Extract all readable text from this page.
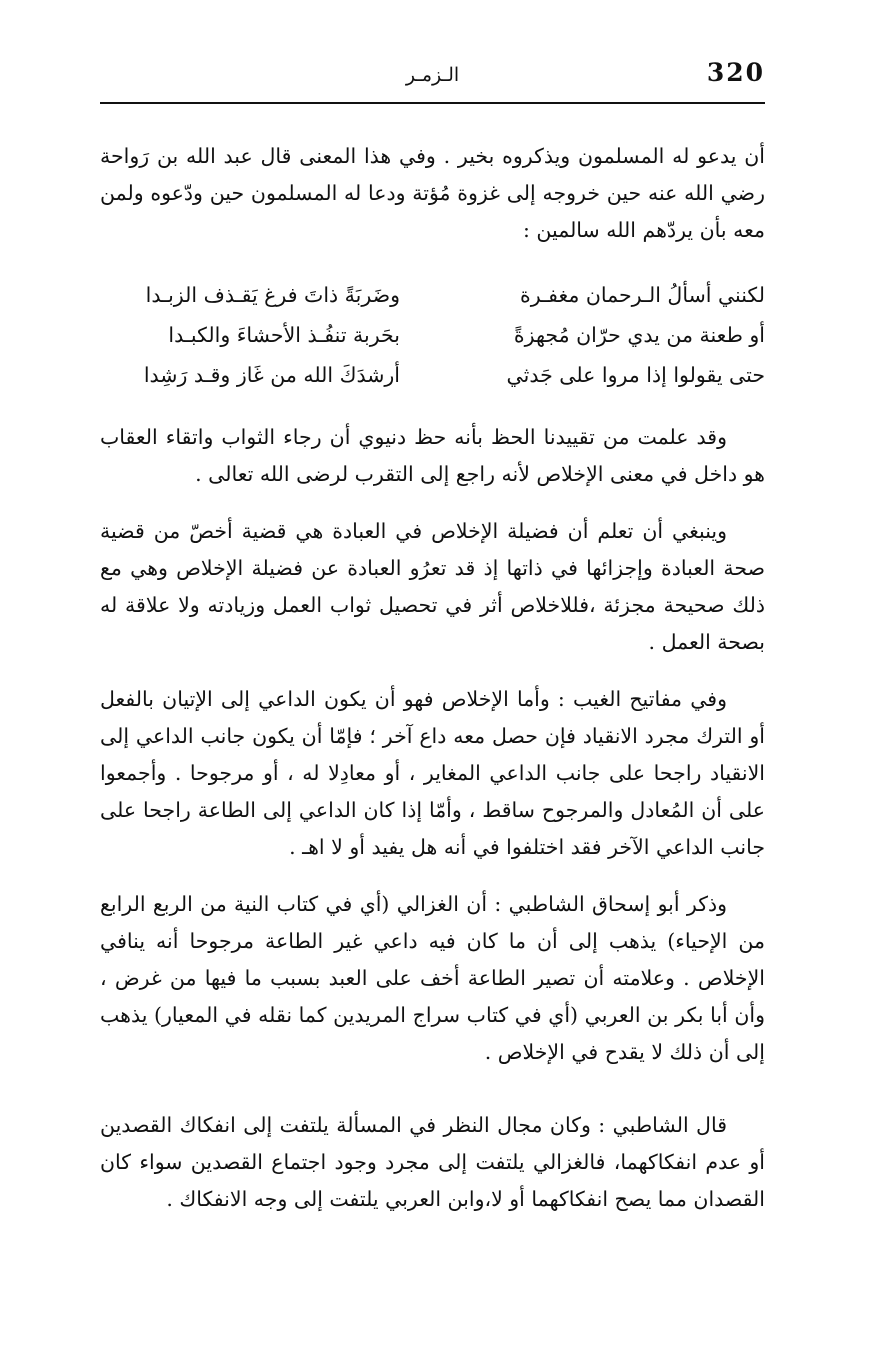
320
الـزمـر

أن يدعو له المسلمون ويذكروه بخير . وفي هذا المعنى قال عبد الله بن رَواحة رضي الله عنه حين خروجه إلى غزوة مُؤتة ودعا له المسلمون حين ودّعوه ولمن معه بأن يردّهم الله سالمين :

لكنني أسألُ الـرحمان مغفـرة
وضَربَةً ذاتَ فرغ يَقـذف الزبـدا
أو طعنة من يدي حرّان مُجهزةً
بحَربة تنفُـذ الأحشاءَ والكبـدا
حتى يقولوا إذا مروا على جَدثي
أرشدَكَ الله من غَاز وقـد رَشِدا

وقد علمت من تقييدنا الحظ بأنه حظ دنيوي أن رجاء الثواب واتقاء العقاب هو داخل في معنى الإخلاص لأنه راجع إلى التقرب لرضى الله تعالى .

وينبغي أن تعلم أن فضيلة الإخلاص في العبادة هي قضية أخصّ من قضية صحة العبادة وإجزائها في ذاتها إذ قد تعرُو العبادة عن فضيلة الإخلاص وهي مع ذلك صحيحة مجزئة ،فللاخلاص أثر في تحصيل ثواب العمل وزيادته ولا علاقة له بصحة العمل .

وفي مفاتيح الغيب : وأما الإخلاص فهو أن يكون الداعي إلى الإتيان بالفعل أو الترك مجرد الانقياد فإن حصل معه داع آخر ؛ فإمّا أن يكون جانب الداعي إلى الانقياد راجحا على جانب الداعي المغاير ، أو معادِلا له ، أو مرجوحا . وأجمعوا على أن المُعادل والمرجوح ساقط ، وأمّا إذا كان الداعي إلى الطاعة راجحا على جانب الداعي الآخر فقد اختلفوا في أنه هل يفيد أو لا اهـ .

وذكر أبو إسحاق الشاطبي : أن الغزالي (أي في كتاب النية من الربع الرابع من الإحياء) يذهب إلى أن ما كان فيه داعي غير الطاعة مرجوحا أنه ينافي الإخلاص . وعلامته أن تصير الطاعة أخف على العبد بسبب ما فيها من غرض ، وأن أبا بكر بن العربي (أي في كتاب سراج المريدين كما نقله في المعيار) يذهب إلى أن ذلك لا يقدح في الإخلاص .

قال الشاطبي : وكان مجال النظر في المسألة يلتفت إلى انفكاك القصدين أو عدم انفكاكهما، فالغزالي يلتفت إلى مجرد وجود اجتماع القصدين سواء كان القصدان مما يصح انفكاكهما أو لا،وابن العربي يلتفت إلى وجه الانفكاك .
